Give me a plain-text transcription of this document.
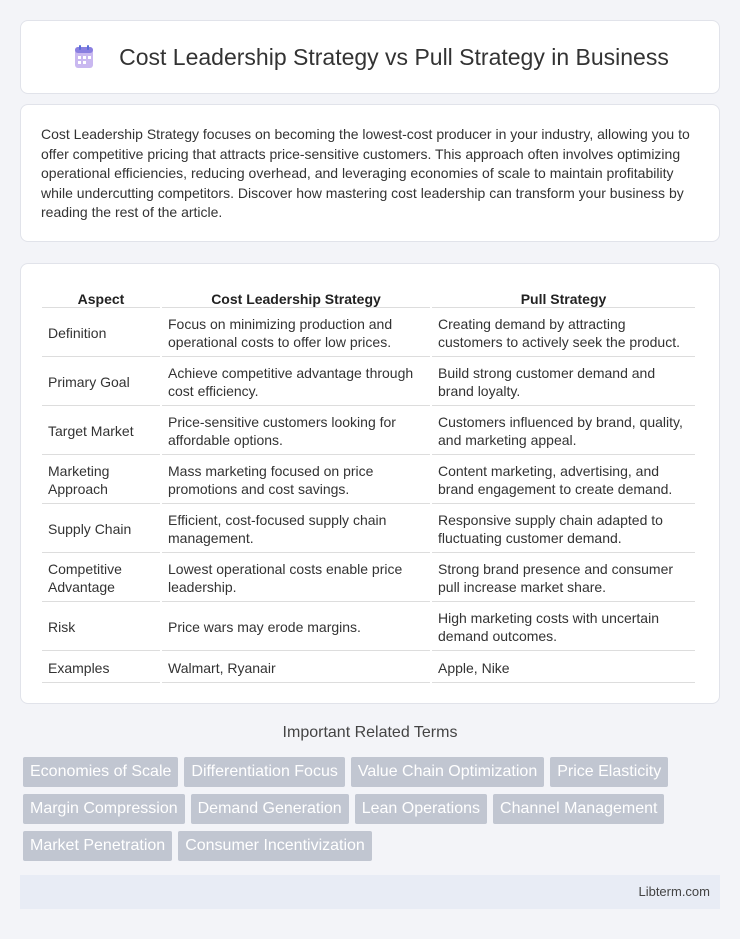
Cost Leadership Strategy vs Pull Strategy in Business

Cost Leadership Strategy focuses on becoming the lowest-cost producer in your industry, allowing you to offer competitive pricing that attracts price-sensitive customers. This approach often involves optimizing operational efficiencies, reducing overhead, and leveraging economies of scale to maintain profitability while undercutting competitors. Discover how mastering cost leadership can transform your business by reading the rest of the article.

Aspect	Cost Leadership Strategy	Pull Strategy
Definition	Focus on minimizing production and operational costs to offer low prices.	Creating demand by attracting customers to actively seek the product.
Primary Goal	Achieve competitive advantage through cost efficiency.	Build strong customer demand and brand loyalty.
Target Market	Price-sensitive customers looking for affordable options.	Customers influenced by brand, quality, and marketing appeal.
Marketing Approach	Mass marketing focused on price promotions and cost savings.	Content marketing, advertising, and brand engagement to create demand.
Supply Chain	Efficient, cost-focused supply chain management.	Responsive supply chain adapted to fluctuating customer demand.
Competitive Advantage	Lowest operational costs enable price leadership.	Strong brand presence and consumer pull increase market share.
Risk	Price wars may erode margins.	High marketing costs with uncertain demand outcomes.
Examples	Walmart, Ryanair	Apple, Nike
Important Related Terms
Economies of Scale Differentiation Focus Value Chain Optimization Price Elasticity
Margin Compression Demand Generation Lean Operations Channel Management
Market Penetration Consumer Incentivization
Libterm.com
